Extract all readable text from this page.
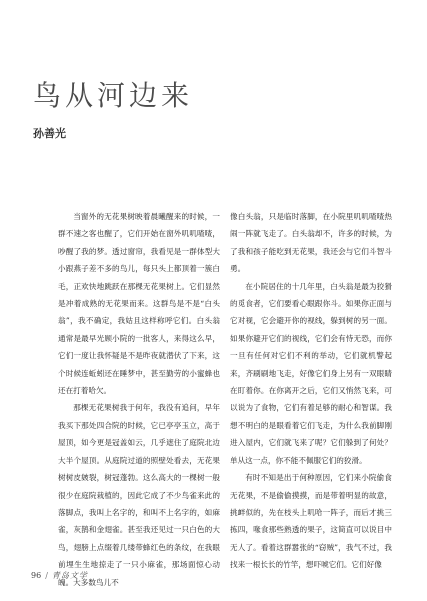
鸟从河边来
孙善光

当窗外的无花果树映着晨曦醒来的时候，一群不速之客也醒了，它们开始在窗外叽叽喳喳，吵醒了我的梦。透过窗帘，我看见是一群体型大小跟燕子差不多的鸟儿，每只头上都顶着一簇白毛，正欢快地跳跃在那棵无花果树上。它们显然是冲着成熟的无花果而来。这群鸟是不是“白头翁”，我不确定，我姑且这样称呼它们。白头翁通常是最早光顾小院的一批客人，来得这么早，它们一度让我怀疑是不是昨夜就潜伏了下来，这个时候连蚯蚓还在睡梦中，甚至勤劳的小蜜蜂也还在打着哈欠。

那棵无花果树我于何年，我没有追问，早年我买下那处四合院的时候，它已亭亭玉立，高于屋顶，如今更是冠盖如云，几乎遮住了庭院北边大半个屋顶。从庭院过道的照壁处看去，无花果树树皮皴裂，树冠蓬勃。这么高大的一棵树一般很少在庭院栽植的，因此它成了不少鸟雀来此的落脚点，我叫上名字的，和叫不上名字的，如麻雀，灰鹊和金翅雀。甚至我还见过一只白色的大鸟，翅膀上点缀着几缕带蜂红色的条纹，在我眼前埋生生地掠走了一只小麻雀，那场面惊心动魄。大多数鸟儿不

像白头翁，只是临时落脚，在小院里叽叽喳喳热闹一阵就飞走了。白头翁却不，许多的时候，为了我和孩子能吃到无花果，我还会与它们斗智斗勇。

在小院居住的十几年里，白头翁是最为狡猾的觅食者，它们要看心眼跟你斗。如果你正面与它对视，它会避开你的视线，躲到树的另一面。如果你避开它们的视线，它们会有恃无恐，而你一旦有任何对它们不利的举动，它们就机警起来，齐刷刷地飞走，好像它们身上另有一双眼睛在盯着你。在你离开之后，它们又悄然飞来，可以说为了食物，它们有着足够的耐心和智谋。我想不明白的是眼看着它们飞走，为什么我前脚刚进入屋内，它们就飞来了呢？它们躲到了何处？单从这一点，你不能不佩服它们的狡滑。

有时不知是出于何种原因，它们来小院偷食无花果，不是偷偷摸摸，而是带着明显的故意，挑衅似的，先在枝头上叽哈一阵子，而后才挑三拣四，喙食那些熟透的果子，这简直可以说目中无人了。看着这群嚣张的“窃贼”，我气不过，我找来一根长长的竹竿，想吓唬它们。它们好像

96 / 青岛文学
